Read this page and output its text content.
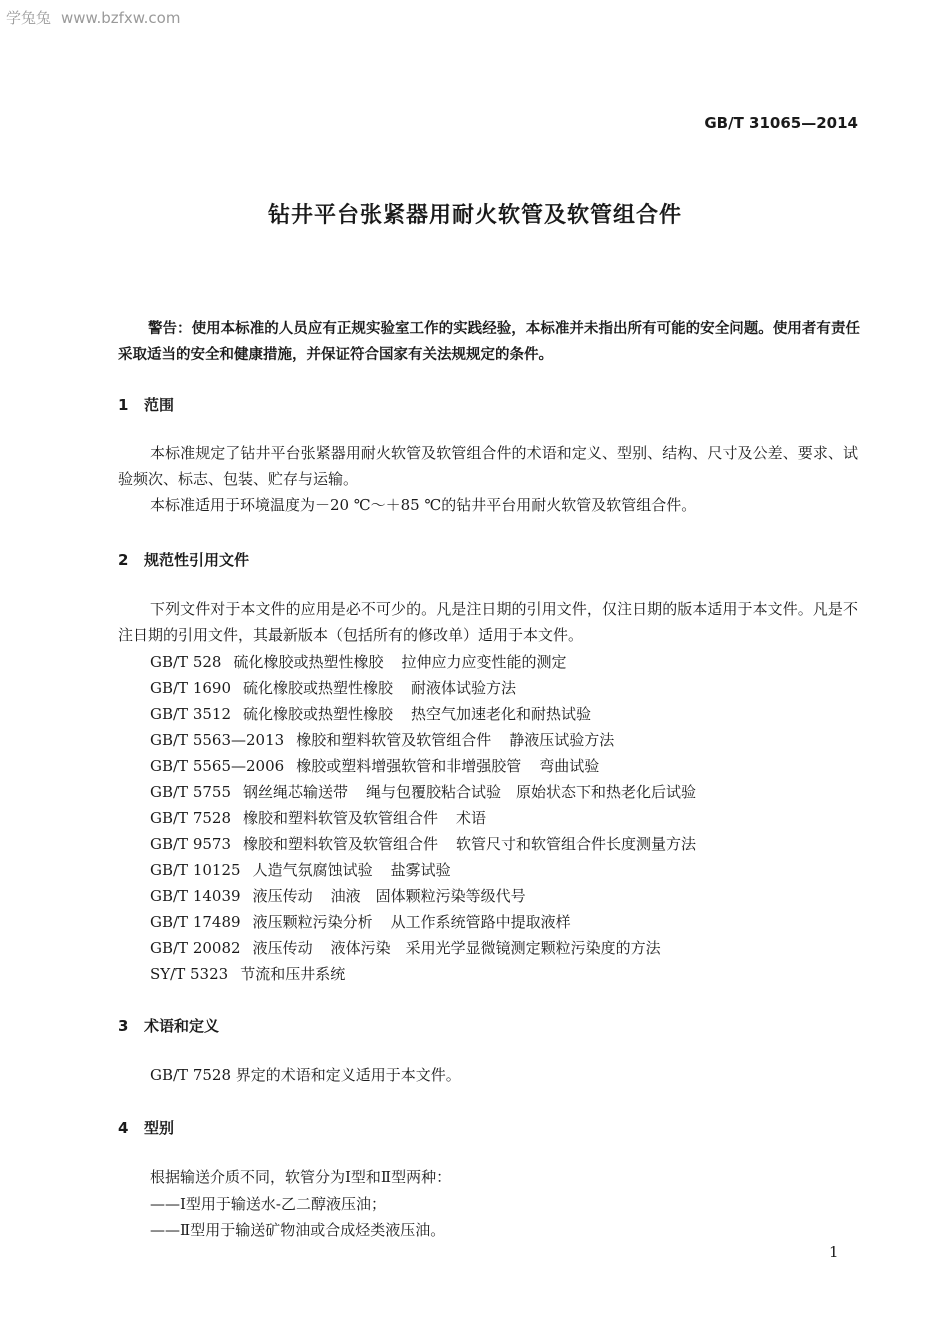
学兔兔 www.bzfxw.com
GB/T 31065—2014
钻井平台张紧器用耐火软管及软管组合件
警告：使用本标准的人员应有正规实验室工作的实践经验，本标准并未指出所有可能的安全问题。使用者有责任采取适当的安全和健康措施，并保证符合国家有关法规规定的条件。
1 范围
本标准规定了钻井平台张紧器用耐火软管及软管组合件的术语和定义、型别、结构、尺寸及公差、要求、试验频次、标志、包装、贮存与运输。
本标准适用于环境温度为－20 ℃～＋85 ℃的钻井平台用耐火软管及软管组合件。
2 规范性引用文件
下列文件对于本文件的应用是必不可少的。凡是注日期的引用文件，仅注日期的版本适用于本文件。凡是不注日期的引用文件，其最新版本（包括所有的修改单）适用于本文件。
GB/T 528 硫化橡胶或热塑性橡胶 拉伸应力应变性能的测定
GB/T 1690 硫化橡胶或热塑性橡胶 耐液体试验方法
GB/T 3512 硫化橡胶或热塑性橡胶 热空气加速老化和耐热试验
GB/T 5563—2013 橡胶和塑料软管及软管组合件 静液压试验方法
GB/T 5565—2006 橡胶或塑料增强软管和非增强胶管 弯曲试验
GB/T 5755 钢丝绳芯输送带 绳与包覆胶粘合试验　原始状态下和热老化后试验
GB/T 7528 橡胶和塑料软管及软管组合件 术语
GB/T 9573 橡胶和塑料软管及软管组合件 软管尺寸和软管组合件长度测量方法
GB/T 10125 人造气氛腐蚀试验 盐雾试验
GB/T 14039 液压传动 油液　固体颗粒污染等级代号
GB/T 17489 液压颗粒污染分析 从工作系统管路中提取液样
GB/T 20082 液压传动 液体污染　采用光学显微镜测定颗粒污染度的方法
SY/T 5323 节流和压井系统
3 术语和定义
GB/T 7528 界定的术语和定义适用于本文件。
4 型别
根据输送介质不同，软管分为Ⅰ型和Ⅱ型两种：
——Ⅰ型用于输送水-乙二醇液压油；
——Ⅱ型用于输送矿物油或合成烃类液压油。
1
